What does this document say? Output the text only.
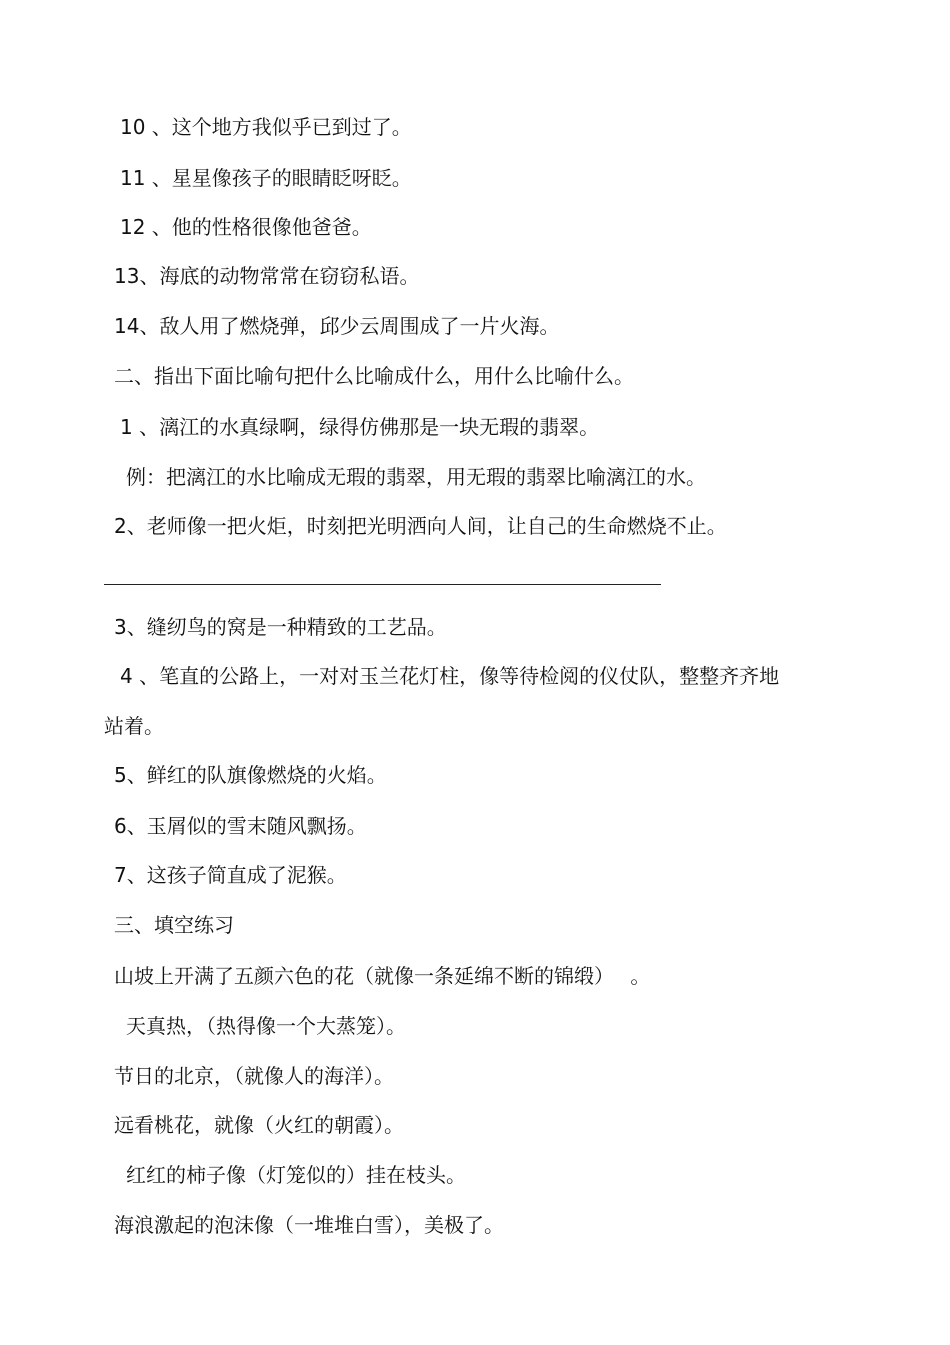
10 、这个地方我似乎已到过了。
11 、星星像孩子的眼睛眨呀眨。
12 、他的性格很像他爸爸。
13、海底的动物常常在窃窃私语。
14、敌人用了燃烧弹，邱少云周围成了一片火海。
二、指出下面比喻句把什么比喻成什么，用什么比喻什么。
1 、漓江的水真绿啊，绿得仿佛那是一块无瑕的翡翠。
例：把漓江的水比喻成无瑕的翡翠，用无瑕的翡翠比喻漓江的水。
2、老师像一把火炬，时刻把光明洒向人间，让自己的生命燃烧不止。
3、缝纫鸟的窝是一种精致的工艺品。
4 、笔直的公路上，一对对玉兰花灯柱，像等待检阅的仪仗队，整整齐齐地
站着。
5、鲜红的队旗像燃烧的火焰。
6、玉屑似的雪末随风飘扬。
7、这孩子简直成了泥猴。
三、填空练习
山坡上开满了五颜六色的花（就像一条延绵不断的锦缎）　 。
天真热，（热得像一个大蒸笼）。
节日的北京，（就像人的海洋）。
远看桃花，就像（火红的朝霞）。
红红的柿子像（灯笼似的）挂在枝头。
海浪激起的泡沫像（一堆堆白雪），美极了。
